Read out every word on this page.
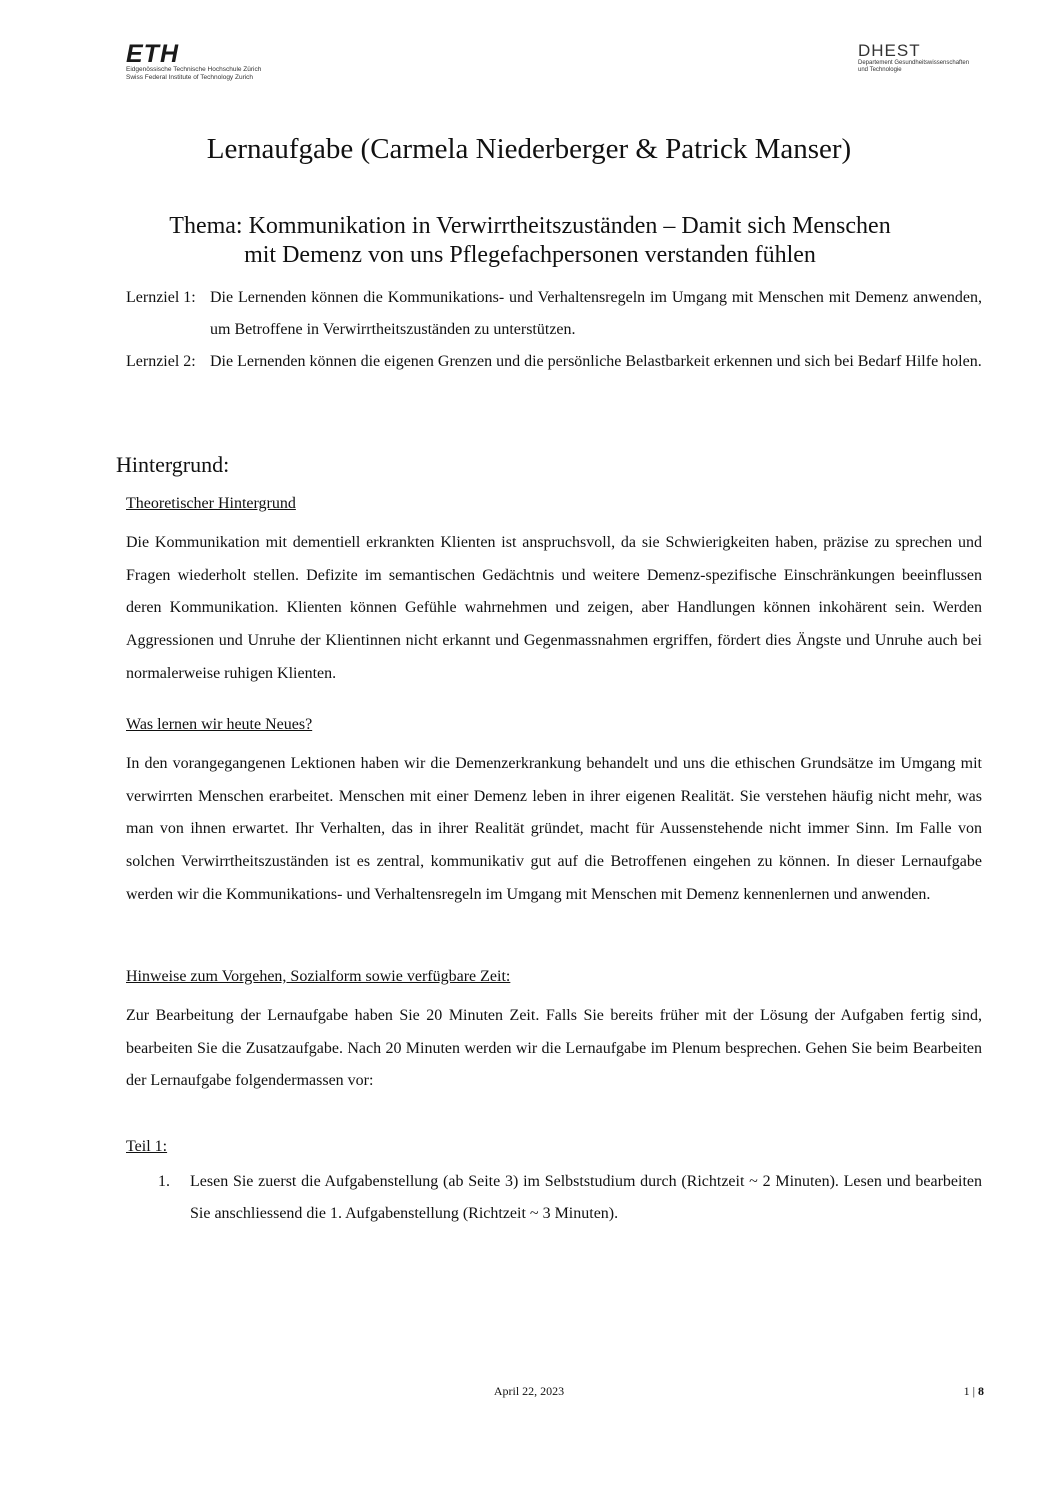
ETH
Eidgenössische Technische Hochschule Zürich
Swiss Federal Institute of Technology Zurich
DHEST
Departement Gesundheitswissenschaften
und Technologie
Lernaufgabe (Carmela Niederberger & Patrick Manser)
Thema: Kommunikation in Verwirrtheitszuständen – Damit sich Menschen
mit Demenz von uns Pflegefachpersonen verstanden fühlen
Lernziel 1: Die Lernenden können die Kommunikations- und Verhaltensregeln im Umgang mit Menschen mit Demenz anwenden, um Betroffene in Verwirrtheitszuständen zu unterstützen.
Lernziel 2: Die Lernenden können die eigenen Grenzen und die persönliche Belastbarkeit erkennen und sich bei Bedarf Hilfe holen.
Hintergrund:
Theoretischer Hintergrund
Die Kommunikation mit dementiell erkrankten Klienten ist anspruchsvoll, da sie Schwierigkeiten haben, präzise zu sprechen und Fragen wiederholt stellen. Defizite im semantischen Gedächtnis und weitere Demenz-spezifische Einschränkungen beeinflussen deren Kommunikation. Klienten können Gefühle wahrnehmen und zeigen, aber Handlungen können inkohärent sein. Werden Aggressionen und Unruhe der Klientinnen nicht erkannt und Gegenmassnahmen ergriffen, fördert dies Ängste und Unruhe auch bei normalerweise ruhigen Klienten.
Was lernen wir heute Neues?
In den vorangegangenen Lektionen haben wir die Demenzerkrankung behandelt und uns die ethischen Grundsätze im Umgang mit verwirrten Menschen erarbeitet. Menschen mit einer Demenz leben in ihrer eigenen Realität. Sie verstehen häufig nicht mehr, was man von ihnen erwartet. Ihr Verhalten, das in ihrer Realität gründet, macht für Aussenstehende nicht immer Sinn. Im Falle von solchen Verwirrtheitszuständen ist es zentral, kommunikativ gut auf die Betroffenen eingehen zu können. In dieser Lernaufgabe werden wir die Kommunikations- und Verhaltensregeln im Umgang mit Menschen mit Demenz kennenlernen und anwenden.
Hinweise zum Vorgehen, Sozialform sowie verfügbare Zeit:
Zur Bearbeitung der Lernaufgabe haben Sie 20 Minuten Zeit. Falls Sie bereits früher mit der Lösung der Aufgaben fertig sind, bearbeiten Sie die Zusatzaufgabe. Nach 20 Minuten werden wir die Lernaufgabe im Plenum besprechen. Gehen Sie beim Bearbeiten der Lernaufgabe folgendermassen vor:
Teil 1:
1. Lesen Sie zuerst die Aufgabenstellung (ab Seite 3) im Selbststudium durch (Richtzeit ~ 2 Minuten). Lesen und bearbeiten Sie anschliessend die 1. Aufgabenstellung (Richtzeit ~ 3 Minuten).
April 22, 2023	1 | 8
